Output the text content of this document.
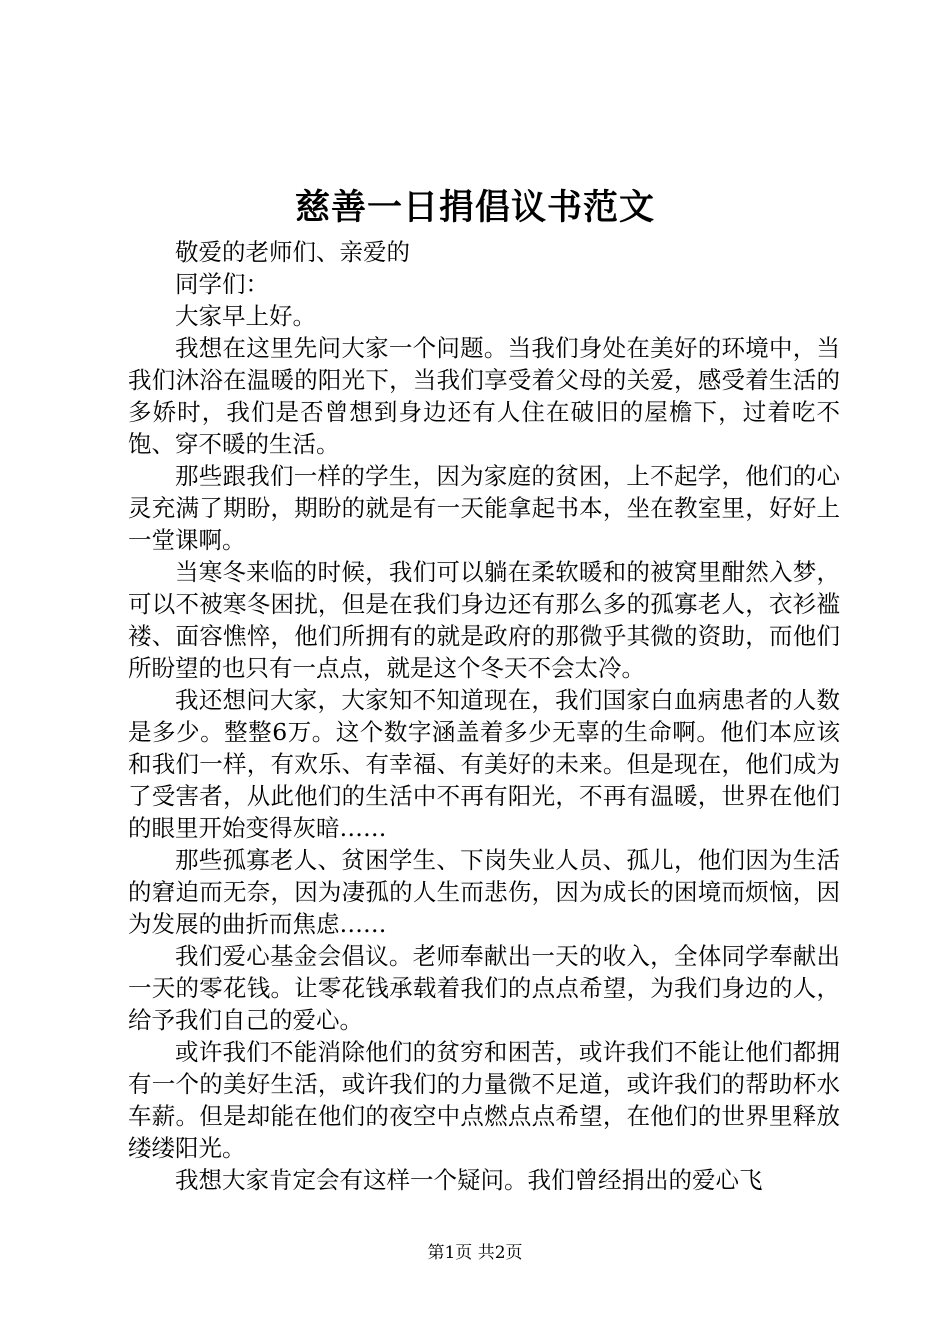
慈善一日捐倡议书范文

敬爱的老师们、亲爱的

同学们：

大家早上好。

我想在这里先问大家一个问题。当我们身处在美好的环境中，当我们沐浴在温暖的阳光下，当我们享受着父母的关爱，感受着生活的多娇时，我们是否曾想到身边还有人住在破旧的屋檐下，过着吃不饱、穿不暖的生活。

那些跟我们一样的学生，因为家庭的贫困，上不起学，他们的心灵充满了期盼，期盼的就是有一天能拿起书本，坐在教室里，好好上一堂课啊。

当寒冬来临的时候，我们可以躺在柔软暖和的被窝里酣然入梦，可以不被寒冬困扰，但是在我们身边还有那么多的孤寡老人，衣衫褴褛、面容憔悴，他们所拥有的就是政府的那微乎其微的资助，而他们所盼望的也只有一点点，就是这个冬天不会太冷。

我还想问大家，大家知不知道现在，我们国家白血病患者的人数是多少。整整6万。这个数字涵盖着多少无辜的生命啊。他们本应该和我们一样，有欢乐、有幸福、有美好的未来。但是现在，他们成为了受害者，从此他们的生活中不再有阳光，不再有温暖，世界在他们的眼里开始变得灰暗……

那些孤寡老人、贫困学生、下岗失业人员、孤儿，他们因为生活的窘迫而无奈，因为凄孤的人生而悲伤，因为成长的困境而烦恼，因为发展的曲折而焦虑……

我们爱心基金会倡议。老师奉献出一天的收入，全体同学奉献出一天的零花钱。让零花钱承载着我们的点点希望，为我们身边的人，给予我们自己的爱心。

或许我们不能消除他们的贫穷和困苦，或许我们不能让他们都拥有一个的美好生活，或许我们的力量微不足道，或许我们的帮助杯水车薪。但是却能在他们的夜空中点燃点点希望，在他们的世界里释放缕缕阳光。

我想大家肯定会有这样一个疑问。我们曾经捐出的爱心飞

第1页 共2页
